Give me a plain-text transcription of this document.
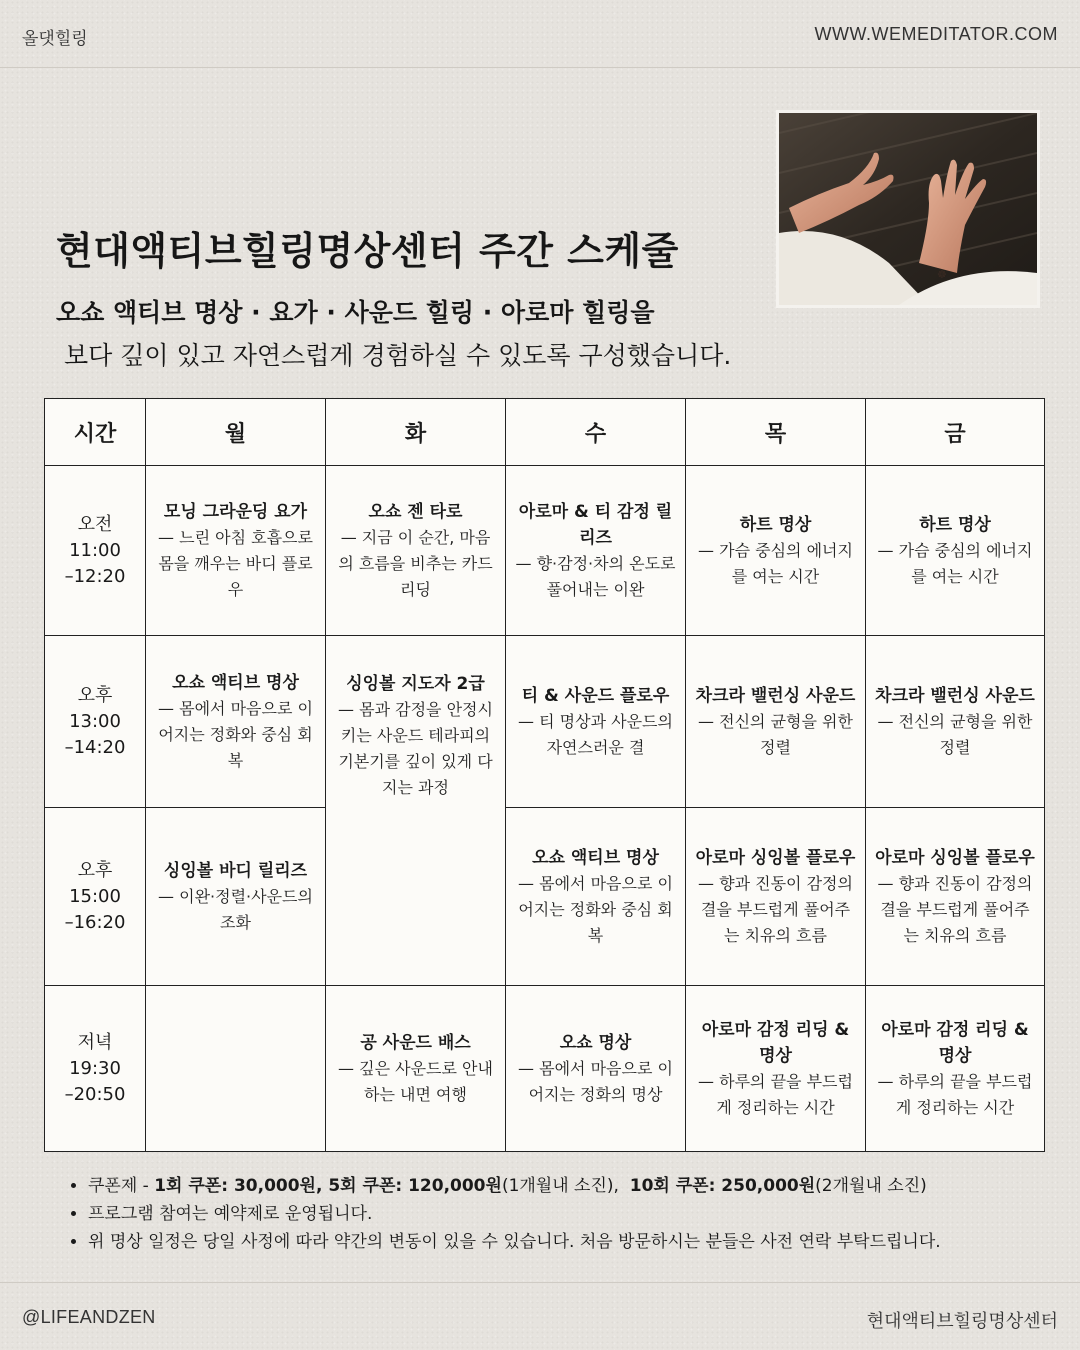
올댓힐링	WWW.WEMEDITATOR.COM
☸
현대액티브힐링명상센터 주간 스케줄
오쇼 액티브 명상 · 요가 · 사운드 힐링 · 아로마 힐링을
보다 깊이 있고 자연스럽게 경험하실 수 있도록 구성했습니다.
시간	월	화	수	목	금

오전
11:00
–12:20	모닝 그라운딩 요가
— 느린 아침 호흡으로 몸을 깨우는 바디 플로우	오쇼 젠 타로
— 지금 이 순간, 마음의 흐름을 비추는 카드 리딩	아로마 & 티 감정 릴리즈
— 향·감정·차의 온도로 풀어내는 이완	하트 명상
— 가슴 중심의 에너지를 여는 시간	하트 명상
— 가슴 중심의 에너지를 여는 시간

오후
13:00
–14:20	오쇼 액티브 명상
— 몸에서 마음으로 이어지는 정화와 중심 회복	싱잉볼 지도자 2급
— 몸과 감정을 안정시키는 사운드 테라피의 기본기를 깊이 있게 다지는 과정	티 & 사운드 플로우
— 티 명상과 사운드의 자연스러운 결	차크라 밸런싱 사운드
— 전신의 균형을 위한 정렬	차크라 밸런싱 사운드
— 전신의 균형을 위한 정렬

오후
15:00
–16:20	싱잉볼 바디 릴리즈
— 이완·정렬·사운드의 조화		오쇼 액티브 명상
— 몸에서 마음으로 이어지는 정화와 중심 회복	아로마 싱잉볼 플로우
— 향과 진동이 감정의 결을 부드럽게 풀어주는 치유의 흐름	아로마 싱잉볼 플로우
— 향과 진동이 감정의 결을 부드럽게 풀어주는 치유의 흐름

저녁
19:30
–20:50		공 사운드 배스
— 깊은 사운드로 안내하는 내면 여행	오쇼 명상
— 몸에서 마음으로 이어지는 정화의 명상	아로마 감정 리딩 & 명상
— 하루의 끝을 부드럽게 정리하는 시간	아로마 감정 리딩 & 명상
— 하루의 끝을 부드럽게 정리하는 시간
• 쿠폰제 - 1회 쿠폰: 30,000원, 5회 쿠폰: 120,000원(1개월내 소진), 10회 쿠폰: 250,000원(2개월내 소진)
• 프로그램 참여는 예약제로 운영됩니다.
• 위 명상 일정은 당일 사정에 따라 약간의 변동이 있을 수 있습니다. 처음 방문하시는 분들은 사전 연락 부탁드립니다.
@LIFEANDZEN	현대액티브힐링명상센터
